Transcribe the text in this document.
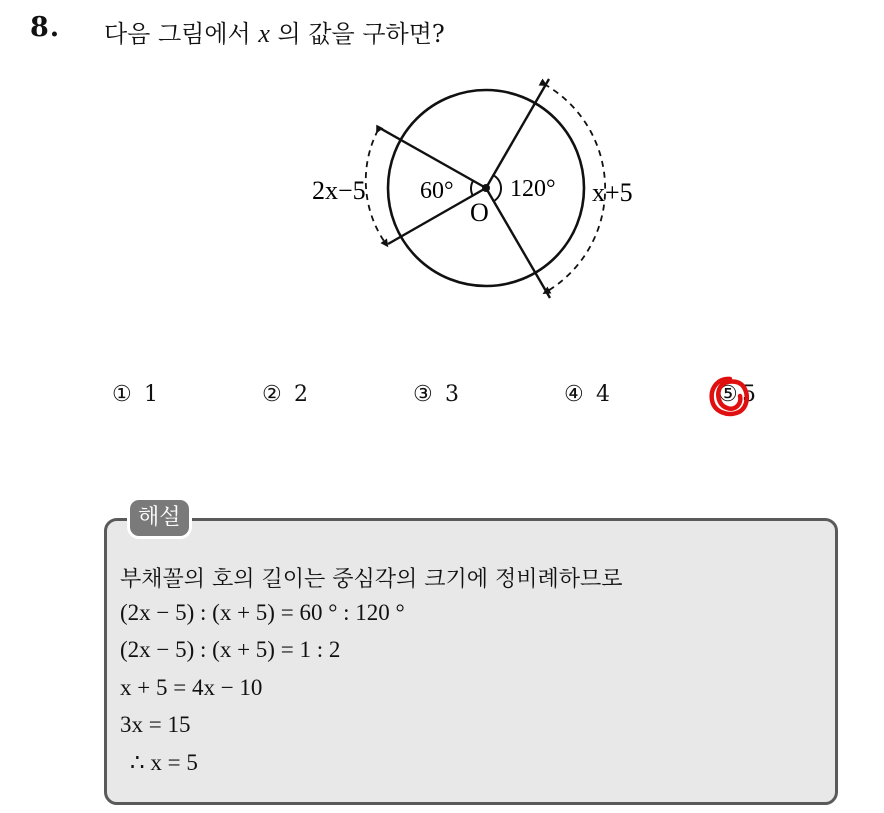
8. 다음 그림에서 x 의 값을 구하면?
2x−5 60° 120°
O
x+5
① 1	② 2	③ 3	④ 4	⑤ 5
해설
부채꼴의 호의 길이는 중심각의 크기에 정비례하므로
(2x − 5) : (x + 5) = 60 ° : 120 °
(2x − 5) : (x + 5) = 1 : 2
x + 5 = 4x − 10
3x = 15
∴ x = 5
